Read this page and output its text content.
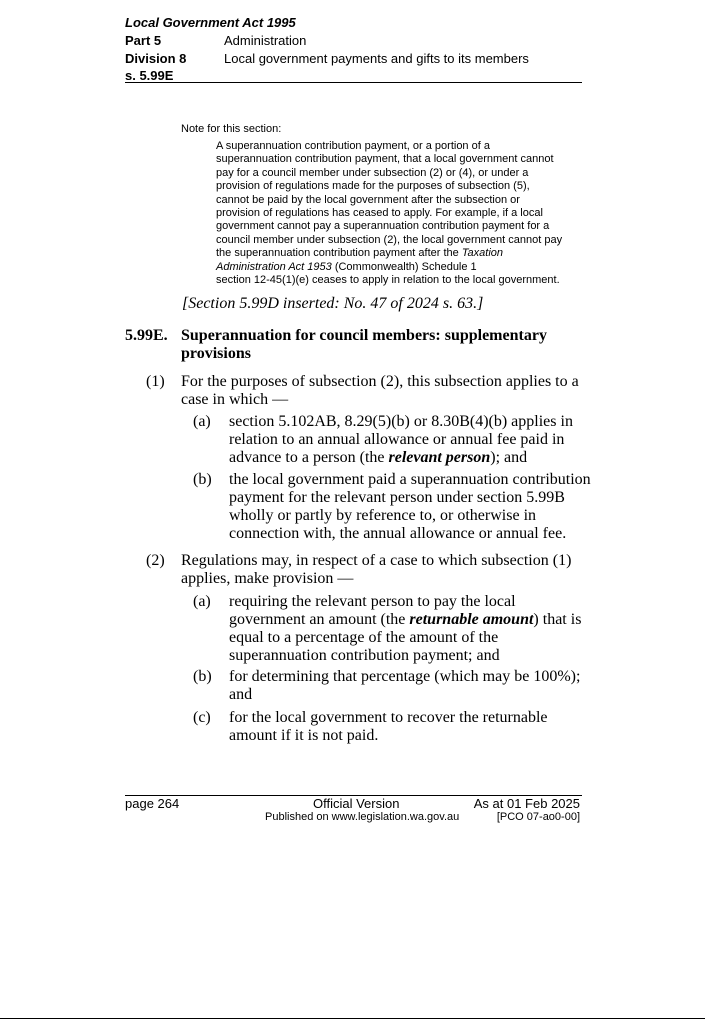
Local Government Act 1995
Part 5	Administration
Division 8	Local government payments and gifts to its members
s. 5.99E
Note for this section:
A superannuation contribution payment, or a portion of a
superannuation contribution payment, that a local government cannot
pay for a council member under subsection (2) or (4), or under a
provision of regulations made for the purposes of subsection (5),
cannot be paid by the local government after the subsection or
provision of regulations has ceased to apply. For example, if a local
government cannot pay a superannuation contribution payment for a
council member under subsection (2), the local government cannot pay
the superannuation contribution payment after the Taxation
Administration Act 1953 (Commonwealth) Schedule 1
section 12-45(1)(e) ceases to apply in relation to the local government.
[Section 5.99D inserted: No. 47 of 2024 s. 63.]
5.99E. Superannuation for council members: supplementary
provisions
(1) For the purposes of subsection (2), this subsection applies to a
case in which —
(a) section 5.102AB, 8.29(5)(b) or 8.30B(4)(b) applies in
relation to an annual allowance or annual fee paid in
advance to a person (the relevant person); and
(b) the local government paid a superannuation contribution
payment for the relevant person under section 5.99B
wholly or partly by reference to, or otherwise in
connection with, the annual allowance or annual fee.
(2) Regulations may, in respect of a case to which subsection (1)
applies, make provision —
(a) requiring the relevant person to pay the local
government an amount (the returnable amount) that is
equal to a percentage of the amount of the
superannuation contribution payment; and
(b) for determining that percentage (which may be 100%);
and
(c) for the local government to recover the returnable
amount if it is not paid.
page 264	Official Version	As at 01 Feb 2025
Published on www.legislation.wa.gov.au	[PCO 07-ao0-00]
